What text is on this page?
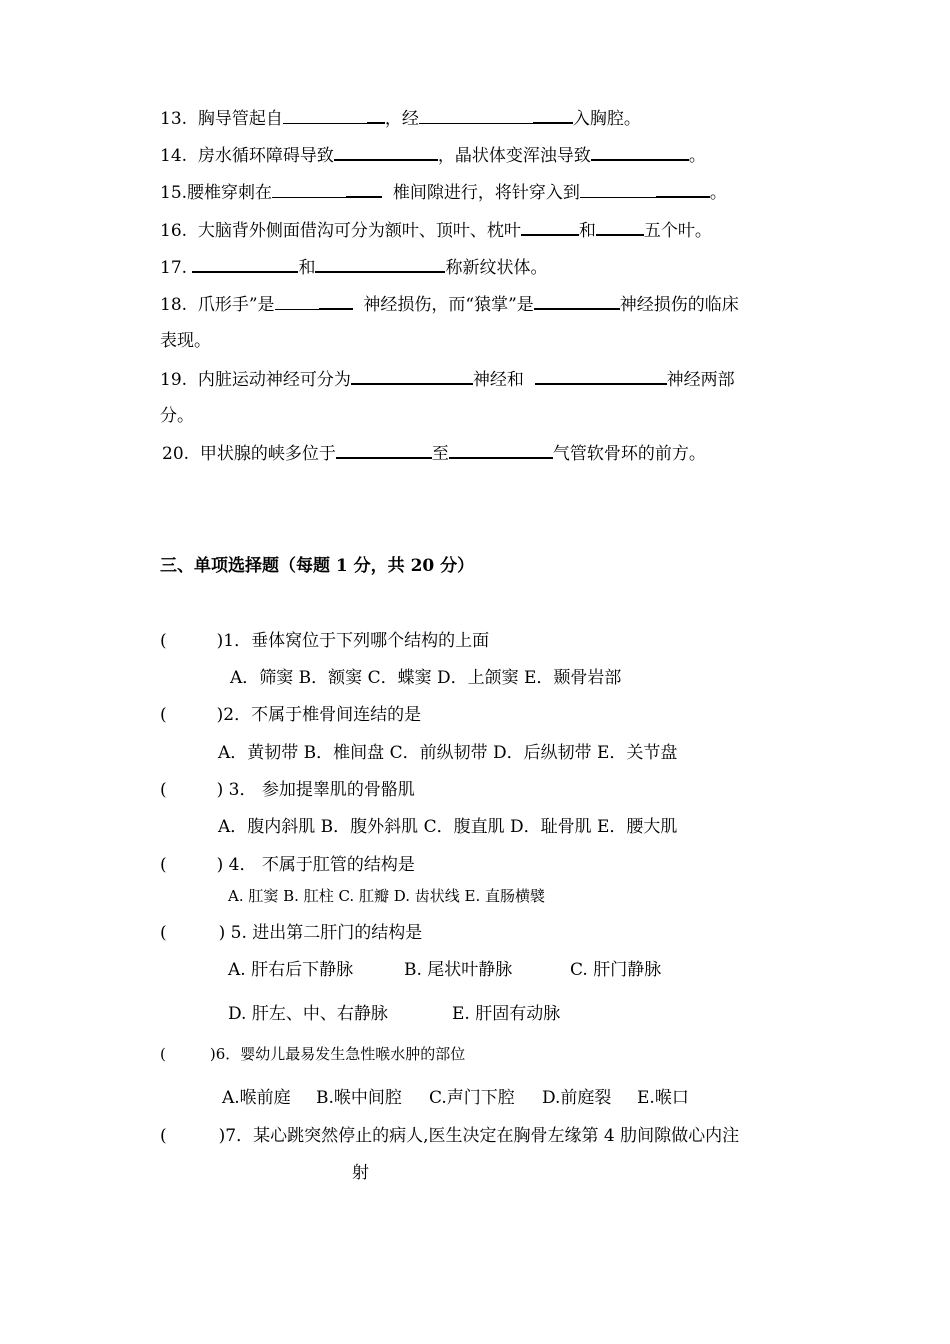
13. 胸导管起自	，经	入胸腔。
14. 房水循环障碍导致	，晶状体变浑浊导致	。
15.腰椎穿刺在	椎间隙进行，将针穿入到	。
16. 大脑背外侧面借沟可分为额叶、顶叶、枕叶	和	五个叶。
17.	和	称新纹状体。
18. 爪形手”是	神经损伤，而“猿掌”是	神经损伤的临床
表现。
19. 内脏运动神经可分为	神经和	神经两部
分。
20. 甲状腺的峡多位于	至	气管软骨环的前方。
三、单项选择题（每题 1 分，共 20 分）
(	)1．垂体窝位于下列哪个结构的上面
A．筛窦 B．额窦 C．蝶窦 D．上颌窦 E．颞骨岩部
(	)2．不属于椎骨间连结的是
A．黄韧带 B．椎间盘 C．前纵韧带 D．后纵韧带 E．关节盘
(	) 3． 参加提睾肌的骨骼肌
A．腹内斜肌 B．腹外斜肌 C．腹直肌 D．耻骨肌 E．腰大肌
(	) 4． 不属于肛管的结构是
A. 肛窦 B. 肛柱 C. 肛瓣 D. 齿状线 E. 直肠横襞
(	) 5. 进出第二肝门的结构是
A. 肝右后下静脉	B. 尾状叶静脉	C. 肝门静脉
D. 肝左、中、右静脉	E. 肝固有动脉
(	)6．婴幼儿最易发生急性喉水肿的部位
A.喉前庭 B.喉中间腔 C.声门下腔 D.前庭裂 E.喉口
(	)7．某心跳突然停止的病人,医生决定在胸骨左缘第 4 肋间隙做心内注
射
